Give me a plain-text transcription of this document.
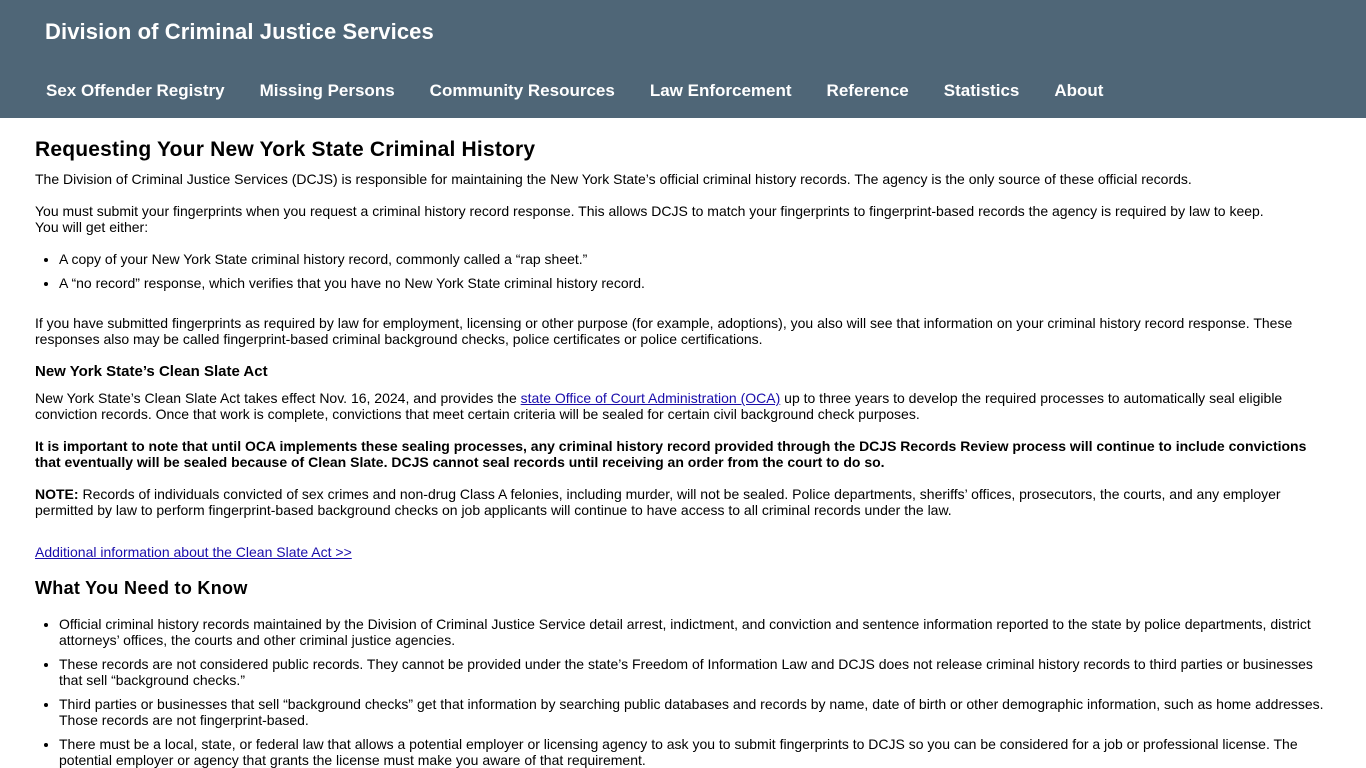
Division of Criminal Justice Services
Sex Offender Registry Missing Persons Community Resources Law Enforcement Reference Statistics About
Requesting Your New York State Criminal History

The Division of Criminal Justice Services (DCJS) is responsible for maintaining the New York State’s official criminal history records. The agency is the only source of these official records.

You must submit your fingerprints when you request a criminal history record response. This allows DCJS to match your fingerprints to fingerprint-based records the agency is required by law to keep.
You will get either:

• A copy of your New York State criminal history record, commonly called a “rap sheet.”
• A “no record” response, which verifies that you have no New York State criminal history record.

If you have submitted fingerprints as required by law for employment, licensing or other purpose (for example, adoptions), you also will see that information on your criminal history record response. These responses also may be called fingerprint-based criminal background checks, police certificates or police certifications.

New York State’s Clean Slate Act

New York State’s Clean Slate Act takes effect Nov. 16, 2024, and provides the state Office of Court Administration (OCA) up to three years to develop the required processes to automatically seal eligible conviction records. Once that work is complete, convictions that meet certain criteria will be sealed for certain civil background check purposes.

It is important to note that until OCA implements these sealing processes, any criminal history record provided through the DCJS Records Review process will continue to include convictions that eventually will be sealed because of Clean Slate. DCJS cannot seal records until receiving an order from the court to do so.

NOTE: Records of individuals convicted of sex crimes and non-drug Class A felonies, including murder, will not be sealed. Police departments, sheriffs’ offices, prosecutors, the courts, and any employer permitted by law to perform fingerprint-based background checks on job applicants will continue to have access to all criminal records under the law.

Additional information about the Clean Slate Act >>

What You Need to Know
• Official criminal history records maintained by the Division of Criminal Justice Service detail arrest, indictment, and conviction and sentence information reported to the state by police departments, district attorneys’ offices, the courts and other criminal justice agencies.
• These records are not considered public records. They cannot be provided under the state’s Freedom of Information Law and DCJS does not release criminal history records to third parties or businesses that sell “background checks.”
• Third parties or businesses that sell “background checks” get that information by searching public databases and records by name, date of birth or other demographic information, such as home addresses. Those records are not fingerprint-based.
• There must be a local, state, or federal law that allows a potential employer or licensing agency to ask you to submit fingerprints to DCJS so you can be considered for a job or professional license. The potential employer or agency that grants the license must make you aware of that requirement.
